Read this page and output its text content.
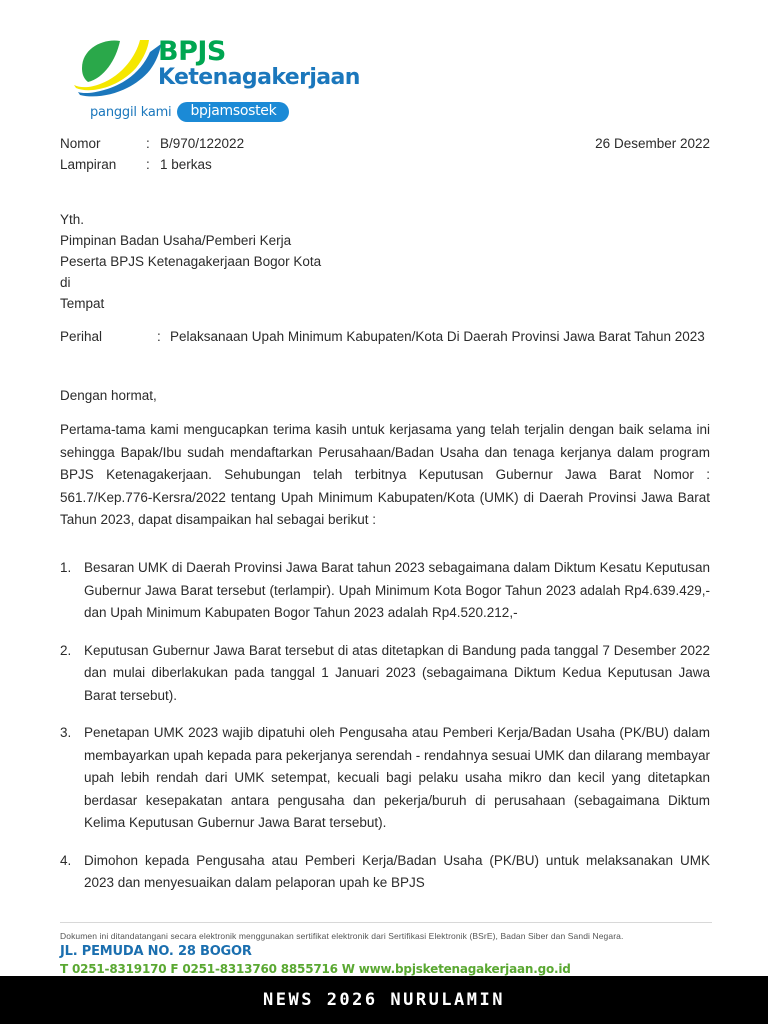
BPJS
Ketenagakerjaan
panggil kami	bpjamsostek
Nomor	: B/970/122022
Lampiran	: 1 berkas
26 Desember 2022
Yth.
Pimpinan Badan Usaha/Pemberi Kerja
Peserta BPJS Ketenagakerjaan Bogor Kota
di
Tempat
Perihal	: Pelaksanaan Upah Minimum Kabupaten/Kota Di Daerah Provinsi Jawa Barat Tahun 2023
Dengan hormat,
Pertama-tama kami mengucapkan terima kasih untuk kerjasama yang telah terjalin dengan baik selama ini sehingga Bapak/Ibu sudah mendaftarkan Perusahaan/Badan Usaha dan tenaga kerjanya dalam program BPJS Ketenagakerjaan. Sehubungan telah terbitnya Keputusan Gubernur Jawa Barat Nomor : 561.7/Kep.776-Kersra/2022 tentang Upah Minimum Kabupaten/Kota (UMK) di Daerah Provinsi Jawa Barat Tahun 2023, dapat disampaikan hal sebagai berikut :
1. Besaran UMK di Daerah Provinsi Jawa Barat tahun 2023 sebagaimana dalam Diktum Kesatu Keputusan Gubernur Jawa Barat tersebut (terlampir). Upah Minimum Kota Bogor Tahun 2023 adalah Rp4.639.429,- dan Upah Minimum Kabupaten Bogor Tahun 2023 adalah Rp4.520.212,-
2. Keputusan Gubernur Jawa Barat tersebut di atas ditetapkan di Bandung pada tanggal 7 Desember 2022 dan mulai diberlakukan pada tanggal 1 Januari 2023 (sebagaimana Diktum Kedua Keputusan Jawa Barat tersebut).
3. Penetapan UMK 2023 wajib dipatuhi oleh Pengusaha atau Pemberi Kerja/Badan Usaha (PK/BU) dalam membayarkan upah kepada para pekerjanya serendah - rendahnya sesuai UMK dan dilarang membayar upah lebih rendah dari UMK setempat, kecuali bagi pelaku usaha mikro dan kecil yang ditetapkan berdasar kesepakatan antara pengusaha dan pekerja/buruh di perusahaan (sebagaimana Diktum Kelima Keputusan Gubernur Jawa Barat tersebut).
4. Dimohon kepada Pengusaha atau Pemberi Kerja/Badan Usaha (PK/BU) untuk melaksanakan UMK 2023 dan menyesuaikan dalam pelaporan upah ke BPJS
Dokumen ini ditandatangani secara elektronik menggunakan sertifikat elektronik dari Sertifikasi Elektronik (BSrE), Badan Siber dan Sandi Negara.
JL. PEMUDA NO. 28 BOGOR
T 0251-8319170 F 0251-8313760 8855716 W www.bpjsketenagakerjaan.go.id
NEWS 2026 NURULAMIN
